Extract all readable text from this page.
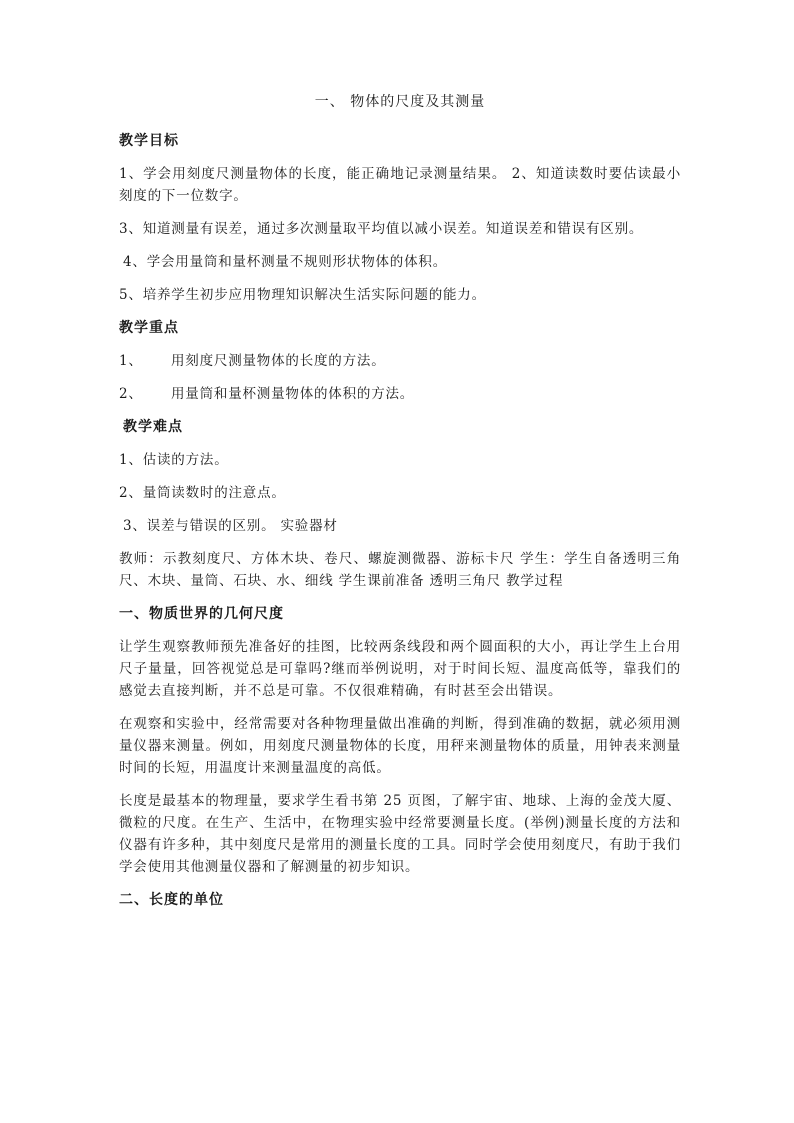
一、 物体的尺度及其测量
教学目标
1、学会用刻度尺测量物体的长度，能正确地记录测量结果。 2、知道读数时要估读最小刻度的下一位数字。
3、知道测量有误差，通过多次测量取平均值以减小误差。知道误差和错误有区别。
4、学会用量筒和量杯测量不规则形状物体的体积。
5、培养学生初步应用物理知识解决生活实际问题的能力。
教学重点
1、	用刻度尺测量物体的长度的方法。
2、	用量筒和量杯测量物体的体积的方法。
教学难点
1、估读的方法。
2、量筒读数时的注意点。
3、误差与错误的区别。 实验器材
教师：示教刻度尺、方体木块、卷尺、螺旋测微器、游标卡尺 学生：学生自备透明三角尺、木块、量筒、石块、水、细线 学生课前准备 透明三角尺 教学过程
一、物质世界的几何尺度
让学生观察教师预先准备好的挂图，比较两条线段和两个圆面积的大小，再让学生上台用尺子量量，回答视觉总是可靠吗?继而举例说明，对于时间长短、温度高低等，靠我们的感觉去直接判断，并不总是可靠。不仅很难精确，有时甚至会出错误。
在观察和实验中，经常需要对各种物理量做出准确的判断，得到准确的数据，就必须用测量仪器来测量。例如，用刻度尺测量物体的长度，用秤来测量物体的质量，用钟表来测量时间的长短，用温度计来测量温度的高低。
长度是最基本的物理量，要求学生看书第 25 页图，了解宇宙、地球、上海的金茂大厦、微粒的尺度。在生产、生活中，在物理实验中经常要测量长度。(举例)测量长度的方法和仪器有许多种，其中刻度尺是常用的测量长度的工具。同时学会使用刻度尺，有助于我们学会使用其他测量仪器和了解测量的初步知识。
二、长度的单位
